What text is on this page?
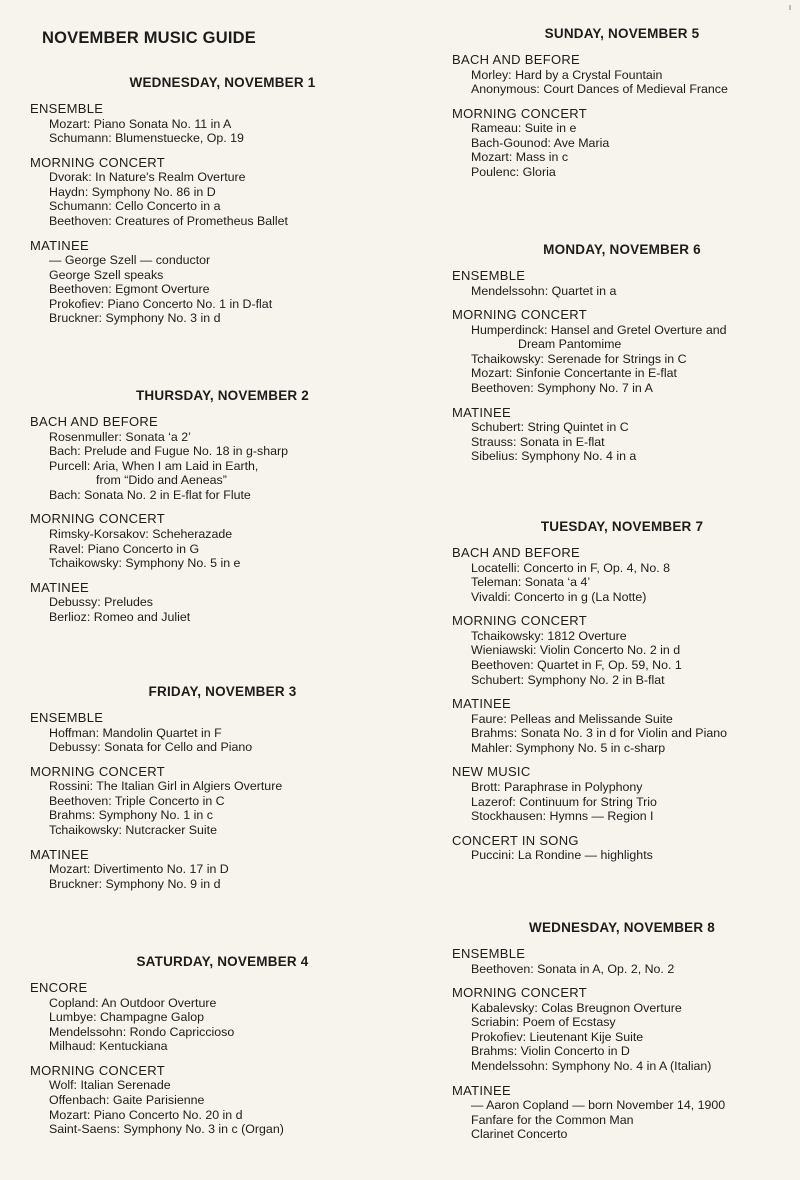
ι
NOVEMBER MUSIC GUIDE
WEDNESDAY, NOVEMBER 1
ENSEMBLE
Mozart: Piano Sonata No. 11 in A
Schumann: Blumenstuecke, Op. 19
MORNING CONCERT
Dvorak: In Nature's Realm Overture
Haydn: Symphony No. 86 in D
Schumann: Cello Concerto in a
Beethoven: Creatures of Prometheus Ballet
MATINEE
— George Szell — conductor
George Szell speaks
Beethoven: Egmont Overture
Prokofiev: Piano Concerto No. 1 in D-flat
Bruckner: Symphony No. 3 in d
THURSDAY, NOVEMBER 2
BACH AND BEFORE
Rosenmuller: Sonata ‘a 2’
Bach: Prelude and Fugue No. 18 in g-sharp
Purcell: Aria, When I am Laid in Earth,
from “Dido and Aeneas”
Bach: Sonata No. 2 in E-flat for Flute
MORNING CONCERT
Rimsky-Korsakov: Scheherazade
Ravel: Piano Concerto in G
Tchaikowsky: Symphony No. 5 in e
MATINEE
Debussy: Preludes
Berlioz: Romeo and Juliet
FRIDAY, NOVEMBER 3
ENSEMBLE
Hoffman: Mandolin Quartet in F
Debussy: Sonata for Cello and Piano
MORNING CONCERT
Rossini: The Italian Girl in Algiers Overture
Beethoven: Triple Concerto in C
Brahms: Symphony No. 1 in c
Tchaikowsky: Nutcracker Suite
MATINEE
Mozart: Divertimento No. 17 in D
Bruckner: Symphony No. 9 in d
SATURDAY, NOVEMBER 4
ENCORE
Copland: An Outdoor Overture
Lumbye: Champagne Galop
Mendelssohn: Rondo Capriccioso
Milhaud: Kentuckiana
MORNING CONCERT
Wolf: Italian Serenade
Offenbach: Gaite Parisienne
Mozart: Piano Concerto No. 20 in d
Saint-Saens: Symphony No. 3 in c (Organ)
SUNDAY, NOVEMBER 5
BACH AND BEFORE
Morley: Hard by a Crystal Fountain
Anonymous: Court Dances of Medieval France
MORNING CONCERT
Rameau: Suite in e
Bach-Gounod: Ave Maria
Mozart: Mass in c
Poulenc: Gloria
MONDAY, NOVEMBER 6
ENSEMBLE
Mendelssohn: Quartet in a
MORNING CONCERT
Humperdinck: Hansel and Gretel Overture and
Dream Pantomime
Tchaikowsky: Serenade for Strings in C
Mozart: Sinfonie Concertante in E-flat
Beethoven: Symphony No. 7 in A
MATINEE
Schubert: String Quintet in C
Strauss: Sonata in E-flat
Sibelius: Symphony No. 4 in a
TUESDAY, NOVEMBER 7
BACH AND BEFORE
Locatelli: Concerto in F, Op. 4, No. 8
Teleman: Sonata ‘a 4’
Vivaldi: Concerto in g (La Notte)
MORNING CONCERT
Tchaikowsky: 1812 Overture
Wieniawski: Violin Concerto No. 2 in d
Beethoven: Quartet in F, Op. 59, No. 1
Schubert: Symphony No. 2 in B-flat
MATINEE
Faure: Pelleas and Melissande Suite
Brahms: Sonata No. 3 in d for Violin and Piano
Mahler: Symphony No. 5 in c-sharp
NEW MUSIC
Brott: Paraphrase in Polyphony
Lazerof: Continuum for String Trio
Stockhausen: Hymns — Region I
CONCERT IN SONG
Puccini: La Rondine — highlights
WEDNESDAY, NOVEMBER 8
ENSEMBLE
Beethoven: Sonata in A, Op. 2, No. 2
MORNING CONCERT
Kabalevsky: Colas Breugnon Overture
Scriabin: Poem of Ecstasy
Prokofiev: Lieutenant Kije Suite
Brahms: Violin Concerto in D
Mendelssohn: Symphony No. 4 in A (Italian)
MATINEE
— Aaron Copland — born November 14, 1900
Fanfare for the Common Man
Clarinet Concerto
